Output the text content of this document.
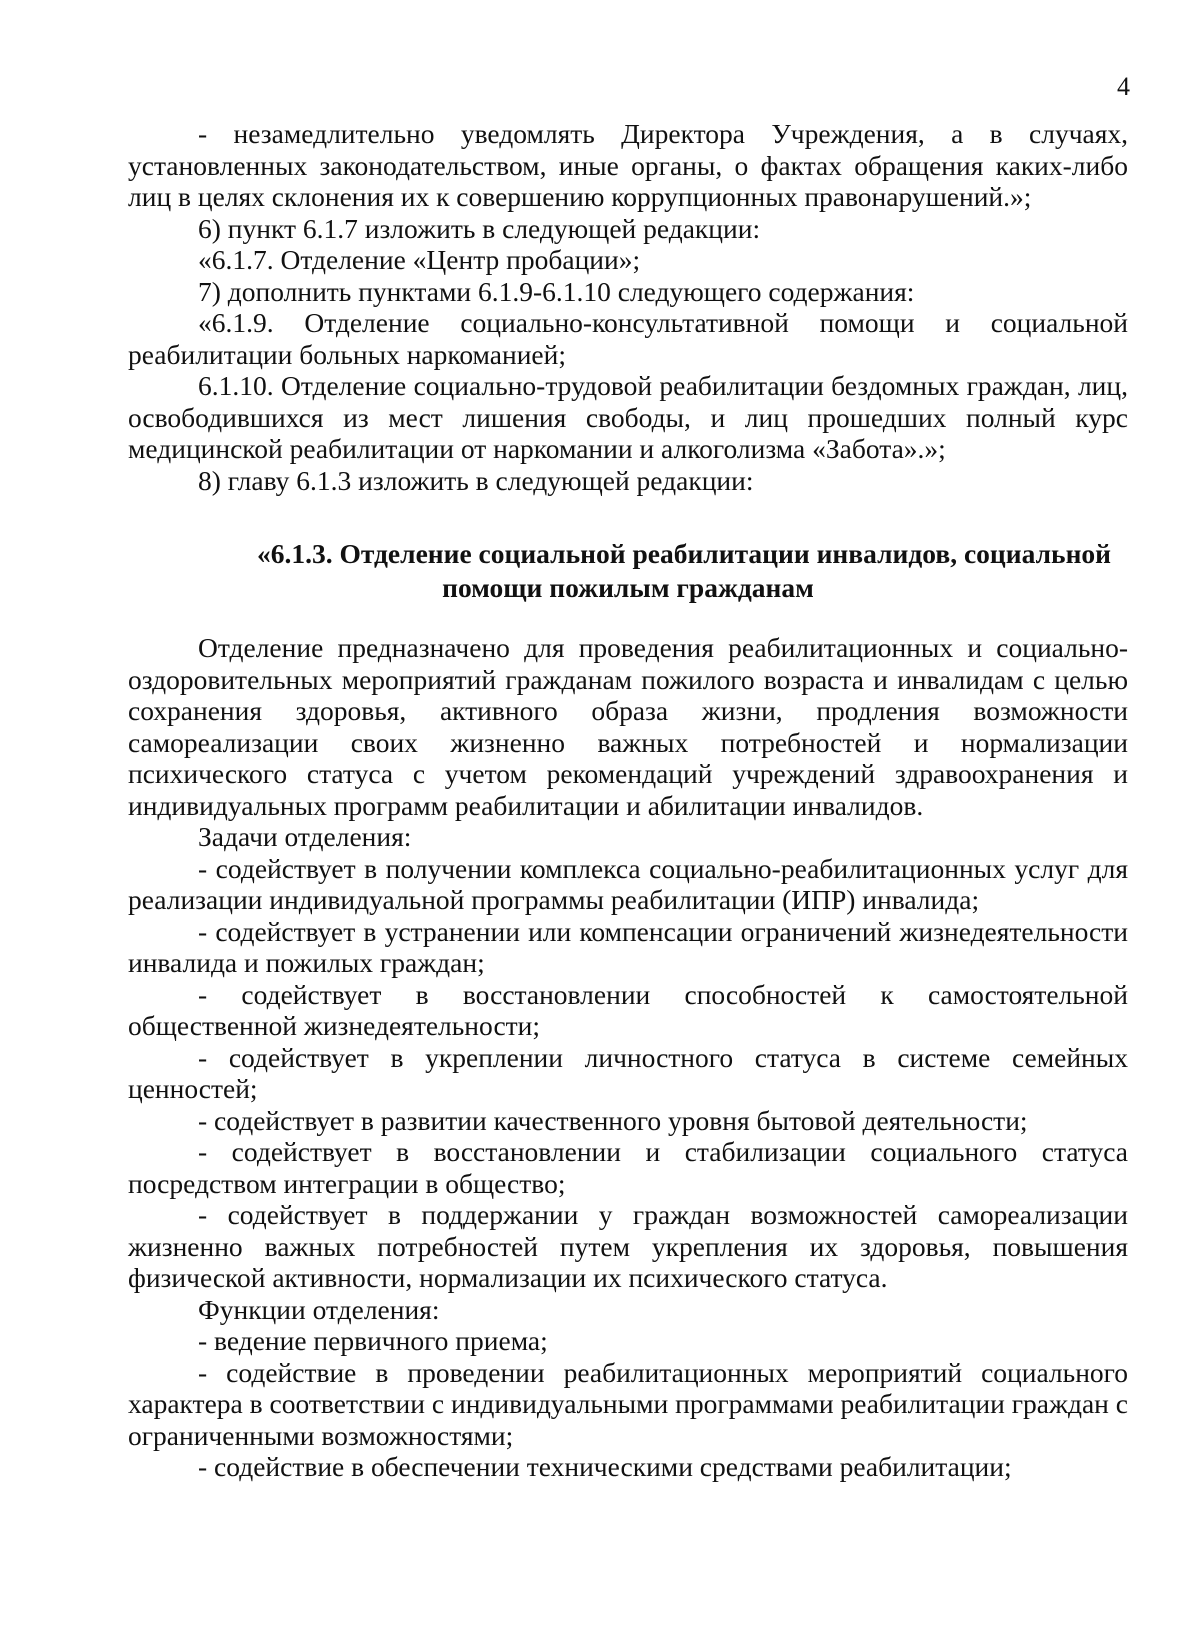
4

- незамедлительно уведомлять Директора Учреждения, а в случаях, установленных законодательством, иные органы, о фактах обращения каких-либо лиц в целях склонения их к совершению коррупционных правонарушений.»;

6) пункт 6.1.7 изложить в следующей редакции:

«6.1.7. Отделение «Центр пробации»;

7) дополнить пунктами 6.1.9-6.1.10 следующего содержания:

«6.1.9. Отделение социально-консультативной помощи и социальной реабилитации больных наркоманией;

6.1.10. Отделение социально-трудовой реабилитации бездомных граждан, лиц, освободившихся из мест лишения свободы, и лиц прошедших полный курс медицинской реабилитации от наркомании и алкоголизма «Забота».»;

8) главу 6.1.3 изложить в следующей редакции:

«6.1.3. Отделение социальной реабилитации инвалидов, социальной
помощи пожилым гражданам

Отделение предназначено для проведения реабилитационных и социально-оздоровительных мероприятий гражданам пожилого возраста и инвалидам с целью сохранения здоровья, активного образа жизни, продления возможности самореализации своих жизненно важных потребностей и нормализации психического статуса с учетом рекомендаций учреждений здравоохранения и индивидуальных программ реабилитации и абилитации инвалидов.

Задачи отделения:

- содействует в получении комплекса социально-реабилитационных услуг для реализации индивидуальной программы реабилитации (ИПР) инвалида;

- содействует в устранении или компенсации ограничений жизнедеятельности инвалида и пожилых граждан;

- содействует в восстановлении способностей к самостоятельной общественной жизнедеятельности;

- содействует в укреплении личностного статуса в системе семейных ценностей;

- содействует в развитии качественного уровня бытовой деятельности;

- содействует в восстановлении и стабилизации социального статуса посредством интеграции в общество;

- содействует в поддержании у граждан возможностей самореализации жизненно важных потребностей путем укрепления их здоровья, повышения физической активности, нормализации их психического статуса.

Функции отделения:

- ведение первичного приема;

- содействие в проведении реабилитационных мероприятий социального характера в соответствии с индивидуальными программами реабилитации граждан с ограниченными возможностями;

- содействие в обеспечении техническими средствами реабилитации;
